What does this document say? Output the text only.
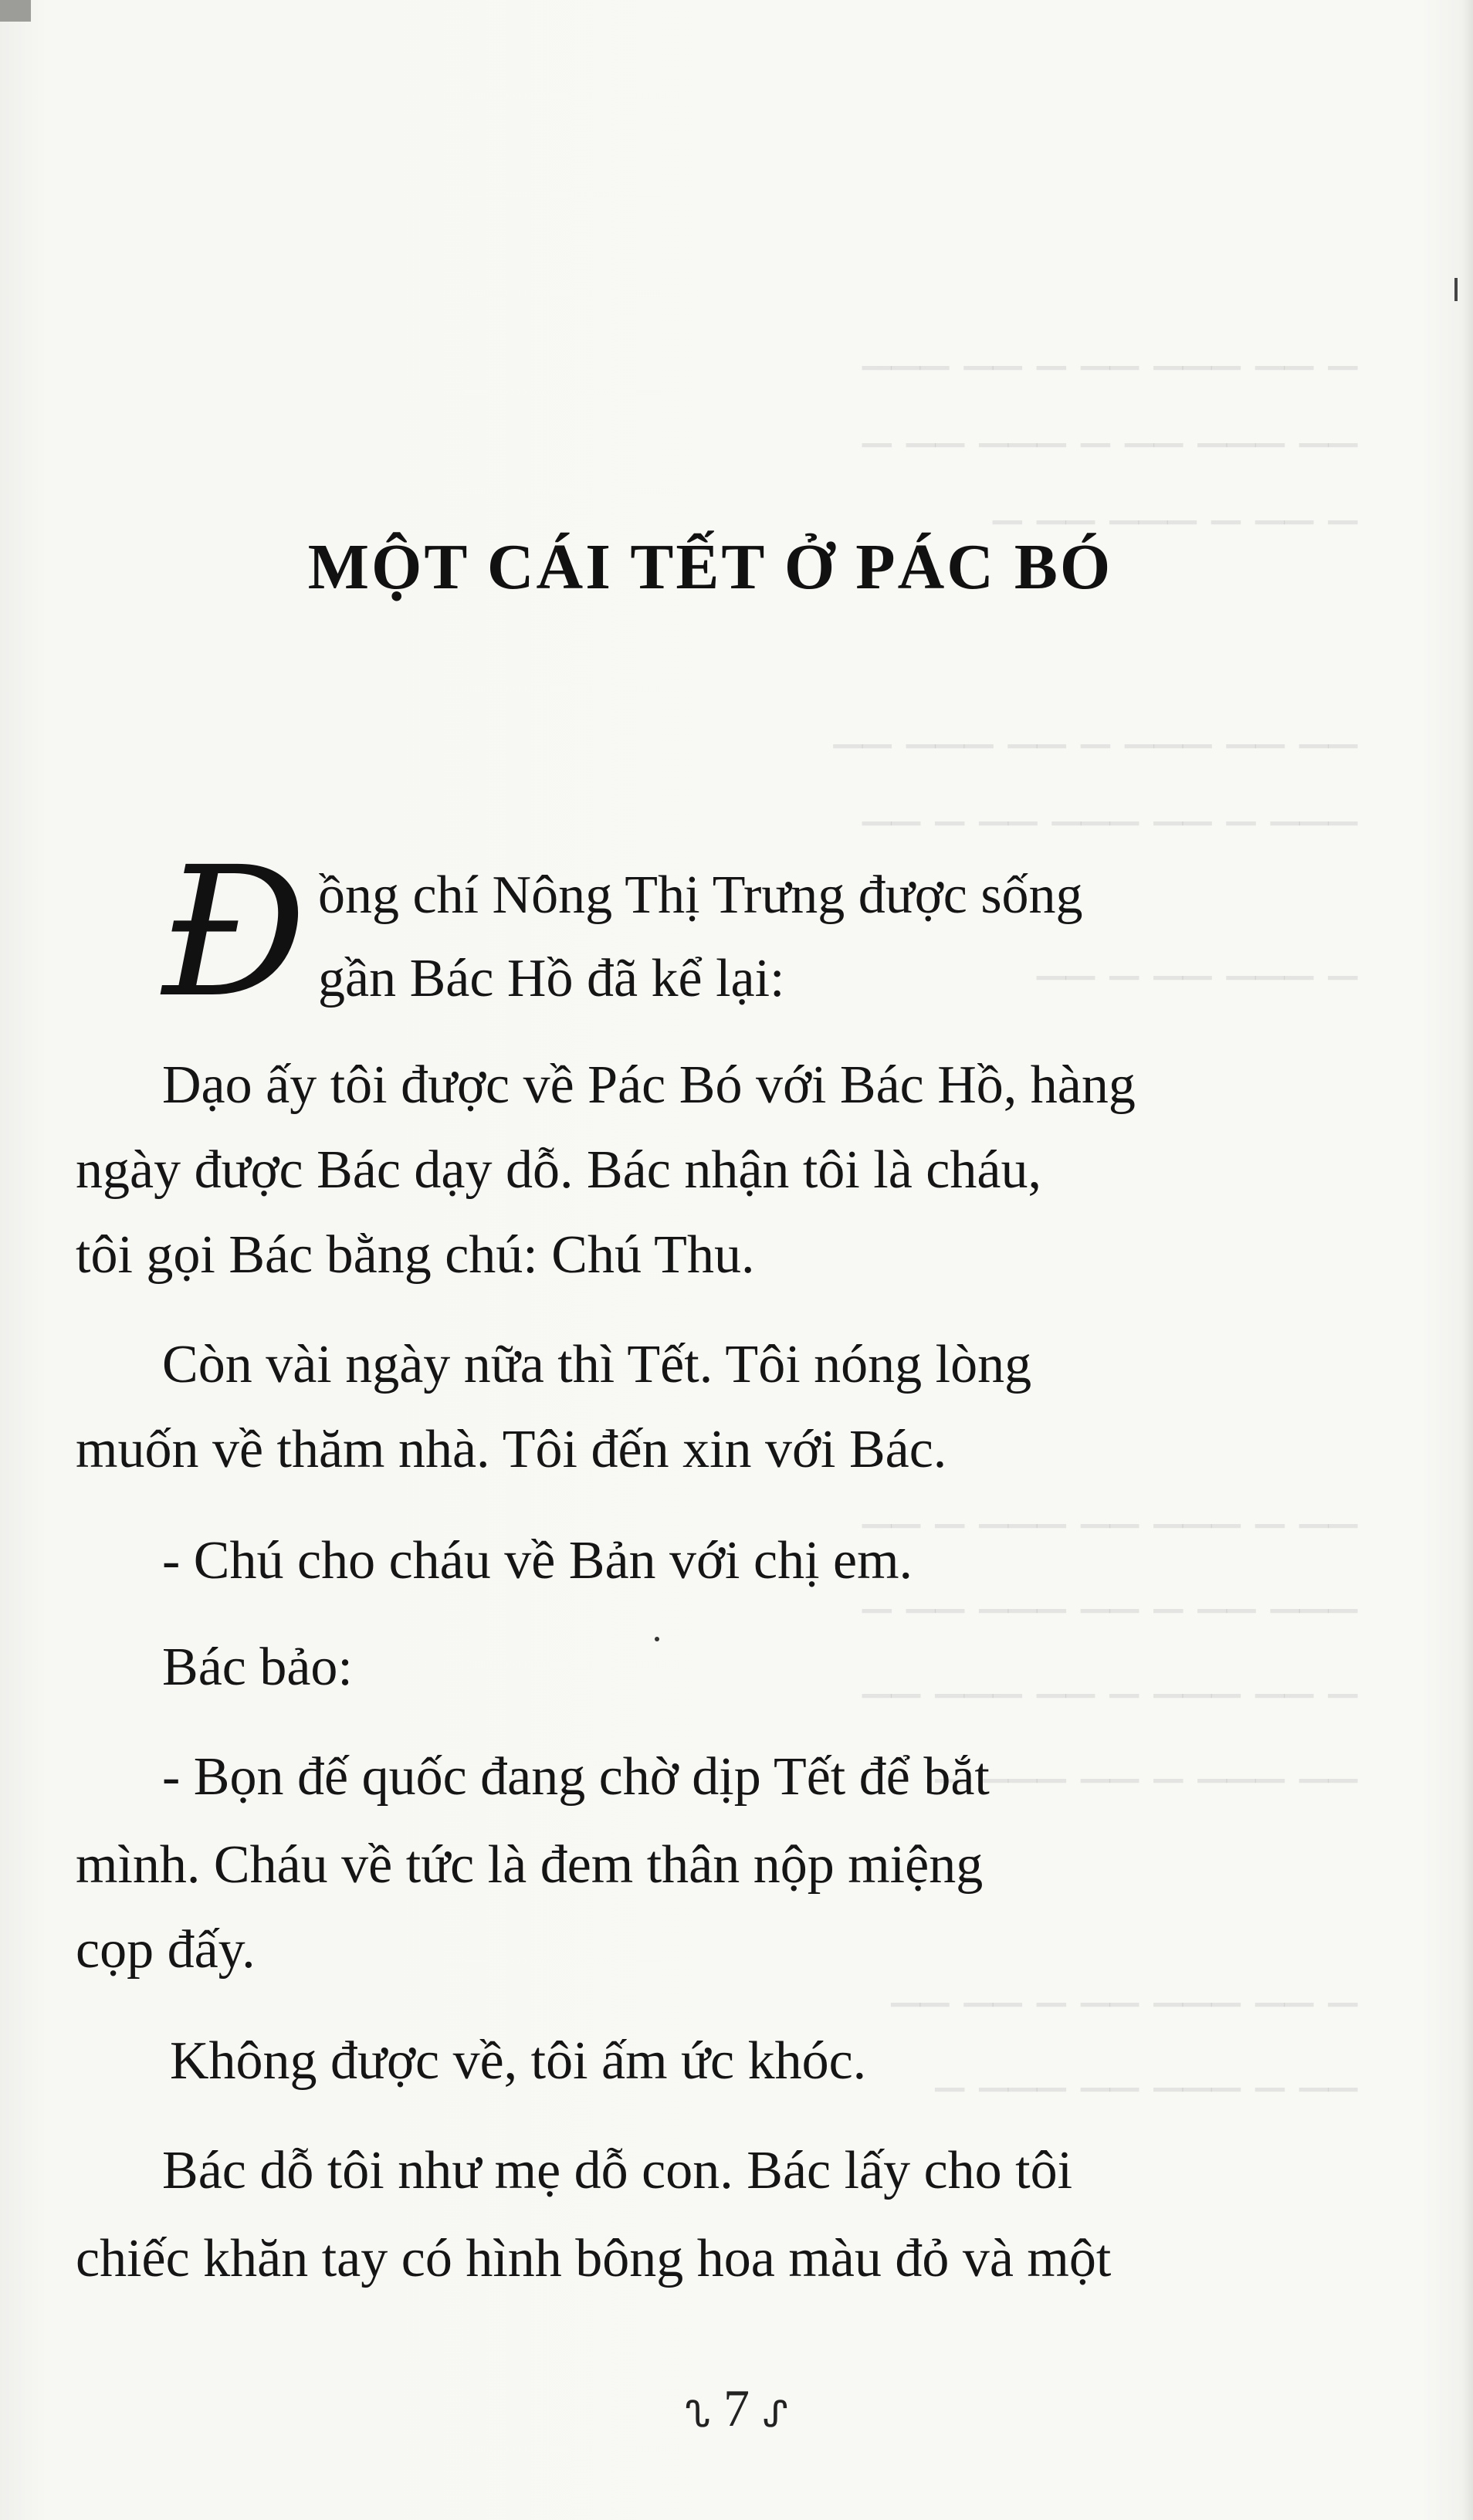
─ ── ─── ── ─ ── ───
── ─── ── ─ ─── ── ─
─ ── ─ ─── ── ─
── ── ─── ─ ── ─── ──
─── ─ ── ─── ── ─ ──
─ ─── ── ─ ──
── ─ ─── ── ─── ─ ──
─── ── ─ ── ─── ── ─
─ ── ─── ─ ── ─── ──
── ─── ─ ── ─── ─
─ ── ─── ── ─ ── ──
── ─ ─── ── ─── ─
MỘT CÁI TẾT Ở PÁC BÓ
Đ ồng chí Nông Thị Trưng được sống

gần Bác Hồ đã kể lại:

Dạo ấy tôi được về Pác Bó với Bác Hồ, hàng

ngày được Bác dạy dỗ. Bác nhận tôi là cháu,

tôi gọi Bác bằng chú: Chú Thu.

Còn vài ngày nữa thì Tết. Tôi nóng lòng

muốn về thăm nhà. Tôi đến xin với Bác.

- Chú cho cháu về Bản với chị em.

Bác bảo:

- Bọn đế quốc đang chờ dịp Tết để bắt

mình. Cháu về tức là đem thân nộp miệng

cọp đấy.

Không được về, tôi ấm ức khóc.

Bác dỗ tôi như mẹ dỗ con. Bác lấy cho tôi

chiếc khăn tay có hình bông hoa màu đỏ và một

ᔐ 7 ᔑ
